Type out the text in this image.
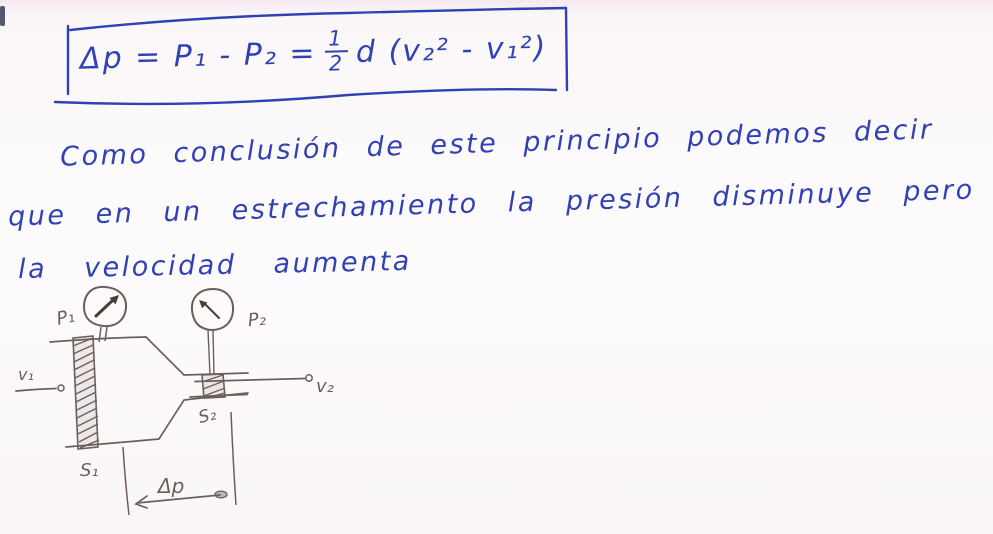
$\Delta p = P_1 - P_2 = \frac{1}{2}$ d (v₂² - v₁²)
Como conclusión de este principio podemos decir
que en un estrechamiento la presión disminuye pero
la velocidad aumenta
P₁	P₂
v₁
v₂
S₁
S₂
Δp
